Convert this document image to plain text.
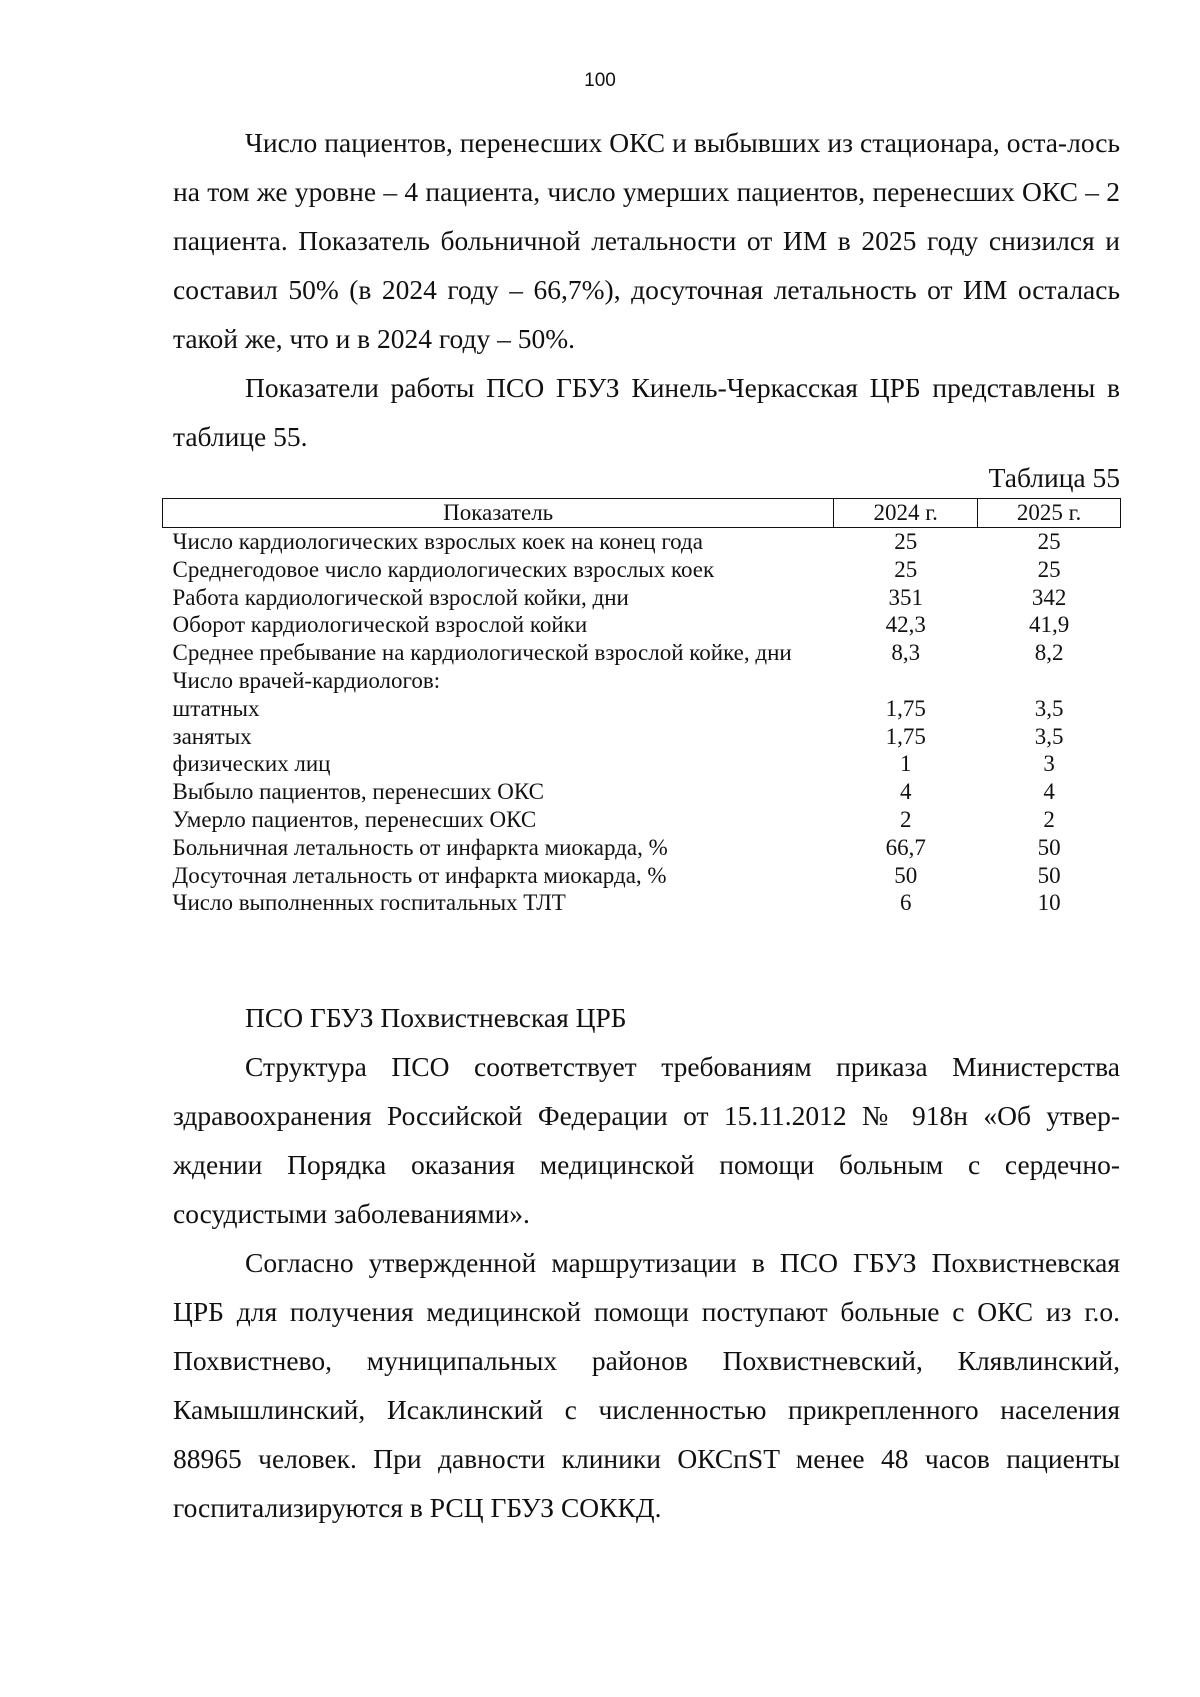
100

Число пациентов, перенесших ОКС и выбывших из стационара, оста-лось на том же уровне – 4 пациента, число умерших пациентов, перенесших ОКС – 2 пациента. Показатель больничной летальности от ИМ в 2025 году снизился и составил 50% (в 2024 году – 66,7%), досуточная летальность от ИМ осталась такой же, что и в 2024 году – 50%.

Показатели работы ПСО ГБУЗ Кинель-Черкасская ЦРБ представлены в таблице 55.

Таблица 55
Показатель	2024 г.	2025 г.
Число кардиологических взрослых коек на конец года	25	25
Среднегодовое число кардиологических взрослых коек	25	25
Работа кардиологической взрослой койки, дни	351	342
Оборот кардиологической взрослой койки	42,3	41,9
Среднее пребывание на кардиологической взрослой койке, дни	8,3	8,2
Число врачей-кардиологов:		
штатных	1,75	3,5
занятых	1,75	3,5
физических лиц	1	3
Выбыло пациентов, перенесших ОКС	4	4
Умерло пациентов, перенесших ОКС	2	2
Больничная летальность от инфаркта миокарда, %	66,7	50
Досуточная летальность от инфаркта миокарда, %	50	50
Число выполненных госпитальных ТЛТ	6	10

ПСО ГБУЗ Похвистневская ЦРБ

Структура ПСО соответствует требованиям приказа Министерства здравоохранения Российской Федерации от 15.11.2012 № 918н «Об утвер-ждении Порядка оказания медицинской помощи больным с сердечно-сосудистыми заболеваниями».

Согласно утвержденной маршрутизации в ПСО ГБУЗ Похвистневская ЦРБ для получения медицинской помощи поступают больные с ОКС из г.о. Похвистнево, муниципальных районов Похвистневский, Клявлинский, Камышлинский, Исаклинский с численностью прикрепленного населения 88965 человек. При давности клиники ОКСпST менее 48 часов пациенты госпитализируются в РСЦ ГБУЗ СОККД.
